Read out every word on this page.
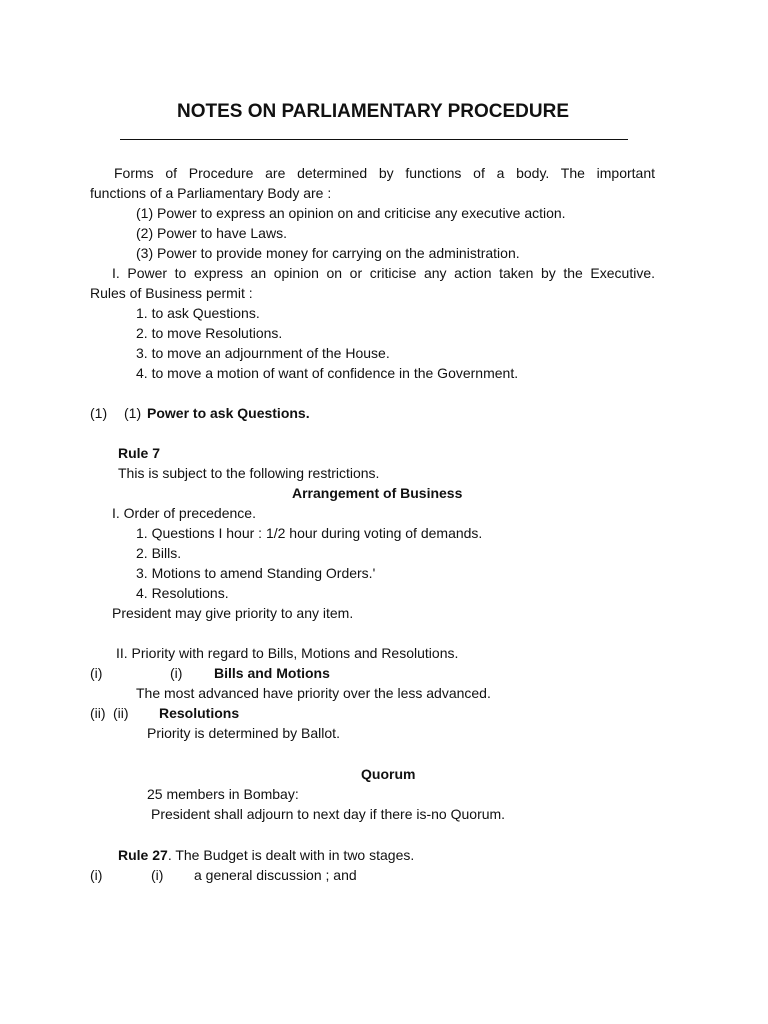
NOTES ON PARLIAMENTARY PROCEDURE
Forms of Procedure are determined by functions of a body. The important
functions of a Parliamentary Body are :
(1) Power to express an opinion on and criticise any executive action.
(2) Power to have Laws.
(3) Power to provide money for carrying on the administration.
I. Power to express an opinion on or criticise any action taken by the Executive.
Rules of Business permit :
1. to ask Questions.
2. to move Resolutions.
3. to move an adjournment of the House.
4. to move a motion of want of confidence in the Government.
(1) (1) Power to ask Questions.
Rule 7
This is subject to the following restrictions.
Arrangement of Business
I. Order of precedence.
1. Questions I hour : 1/2 hour during voting of demands.
2. Bills.
3. Motions to amend Standing Orders.'
4. Resolutions.
President may give priority to any item.
II. Priority with regard to Bills, Motions and Resolutions.
(i)	(i) Bills and Motions
The most advanced have priority over the less advanced.
(ii) (ii) Resolutions
Priority is determined by Ballot.
Quorum
25 members in Bombay:
President shall adjourn to next day if there is-no Quorum.
Rule 27. The Budget is dealt with in two stages.
(i)	(i) a general discussion ; and
